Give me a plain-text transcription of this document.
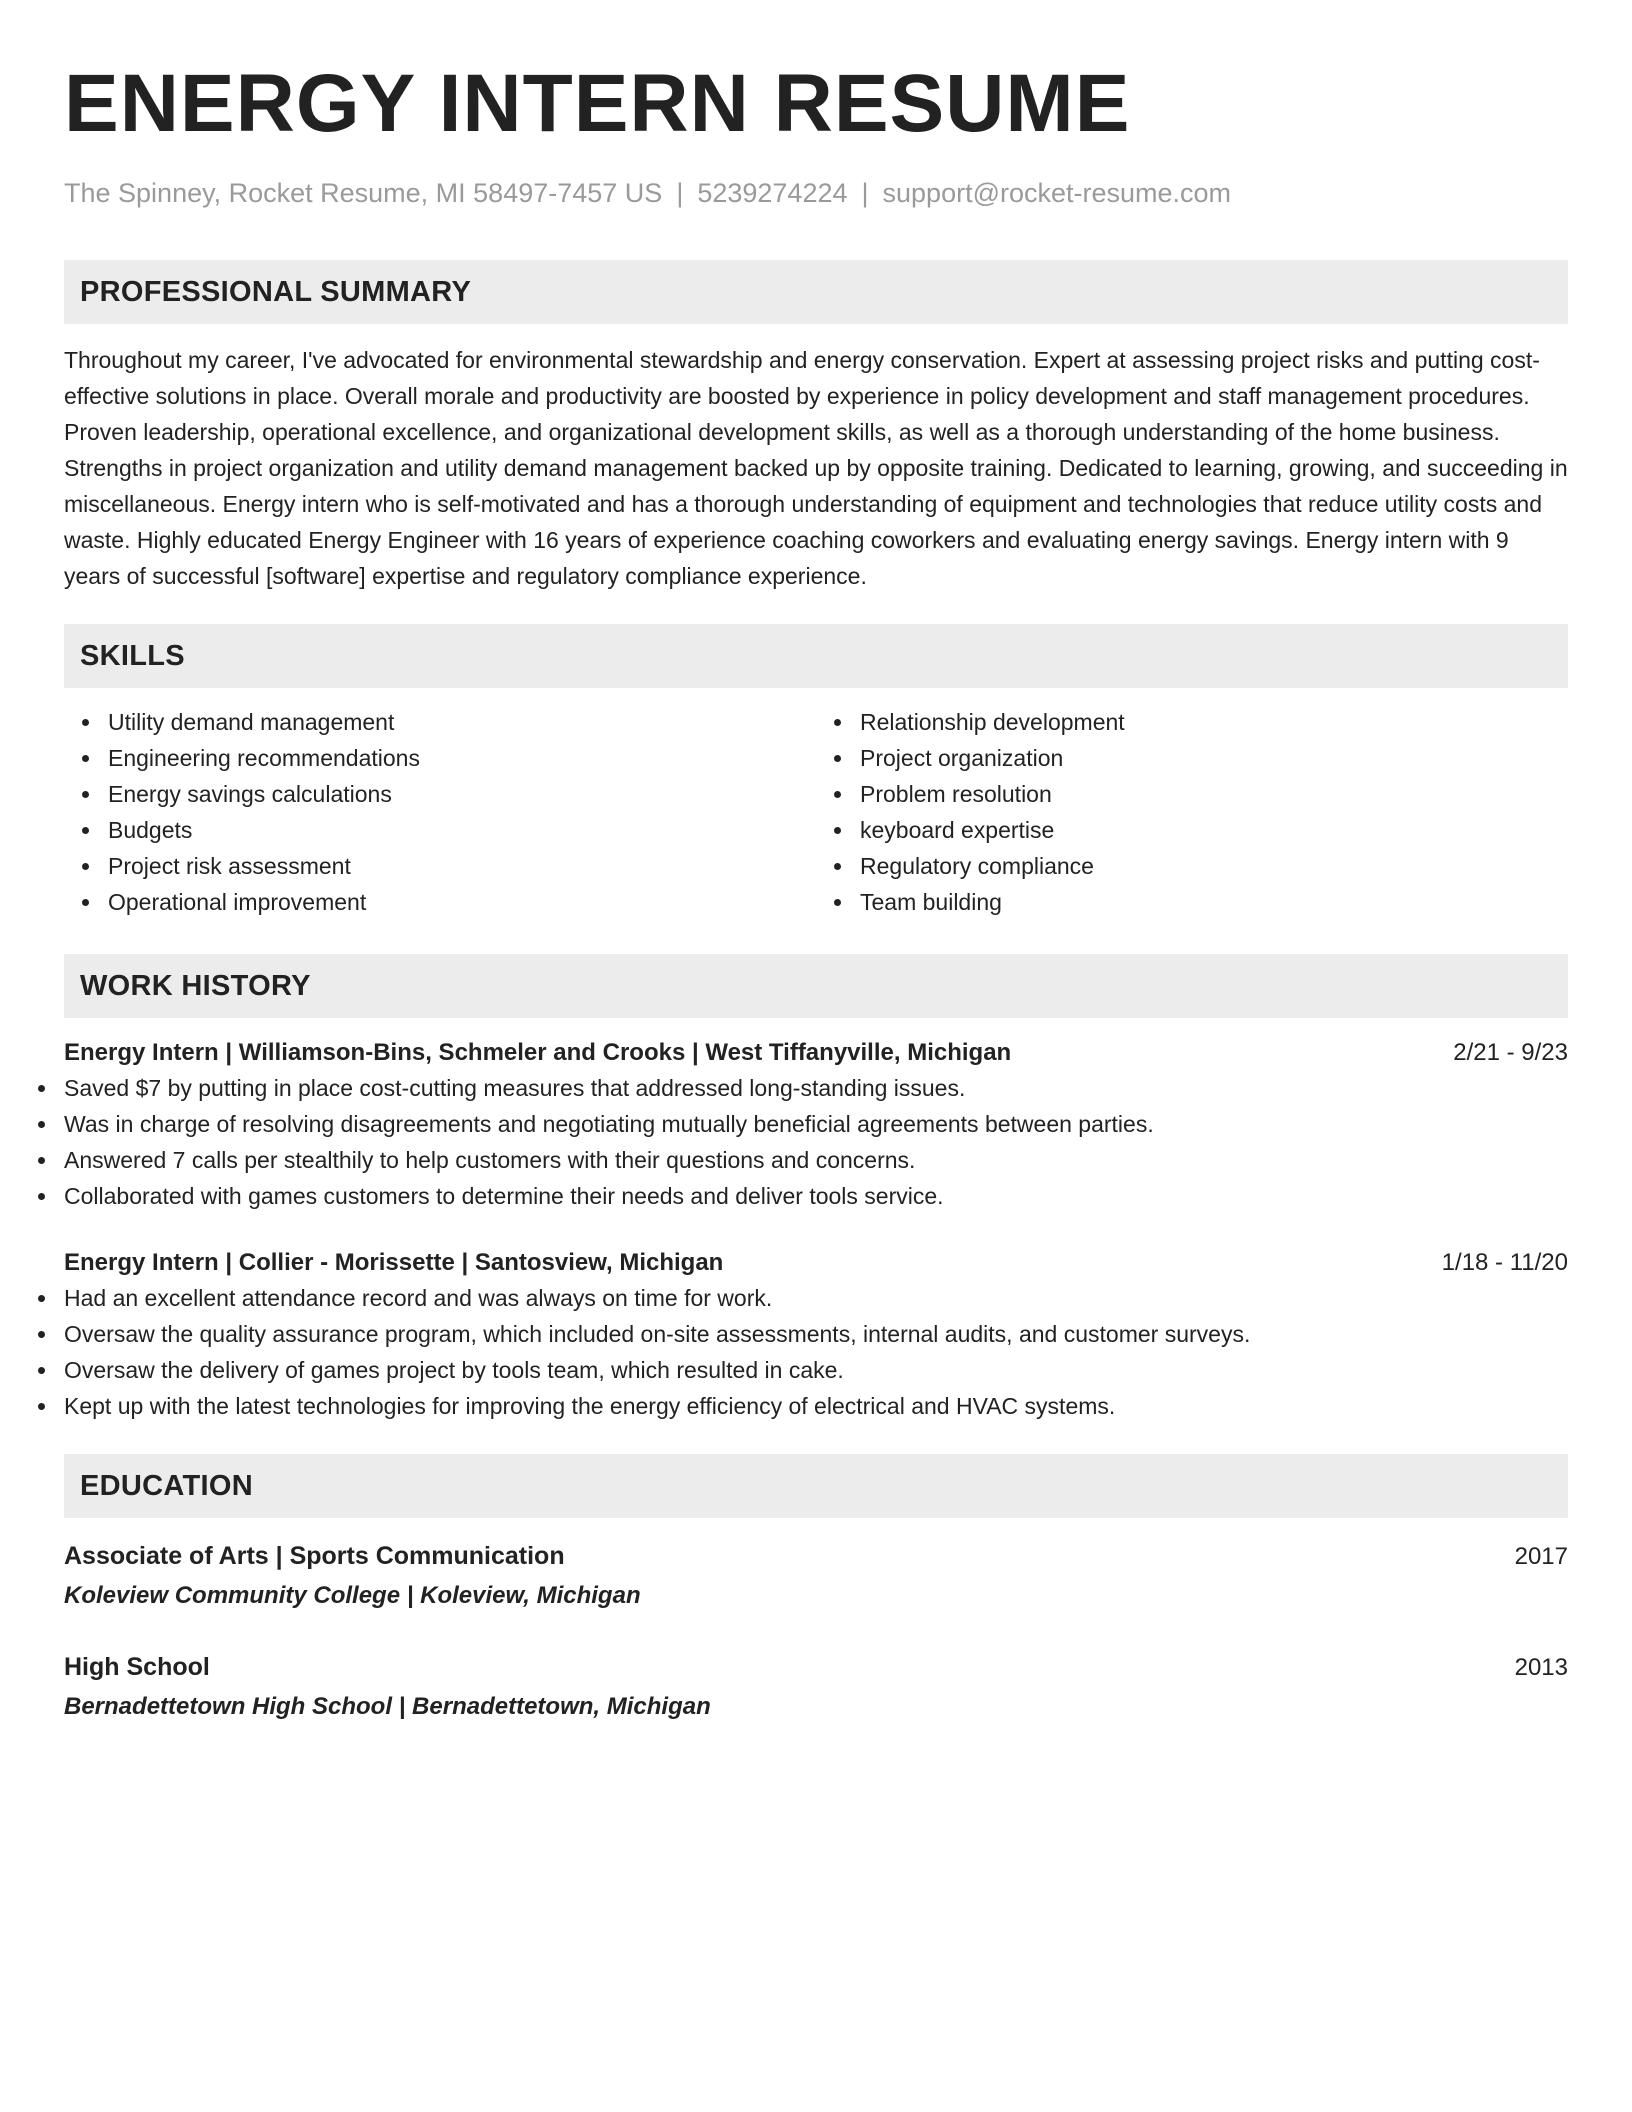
ENERGY INTERN RESUME
The Spinney, Rocket Resume, MI 58497-7457 US | 5239274224 | support@rocket-resume.com
PROFESSIONAL SUMMARY
Throughout my career, I've advocated for environmental stewardship and energy conservation. Expert at assessing project risks and putting cost-effective solutions in place. Overall morale and productivity are boosted by experience in policy development and staff management procedures. Proven leadership, operational excellence, and organizational development skills, as well as a thorough understanding of the home business. Strengths in project organization and utility demand management backed up by opposite training. Dedicated to learning, growing, and succeeding in miscellaneous. Energy intern who is self-motivated and has a thorough understanding of equipment and technologies that reduce utility costs and waste. Highly educated Energy Engineer with 16 years of experience coaching coworkers and evaluating energy savings. Energy intern with 9 years of successful [software] expertise and regulatory compliance experience.
SKILLS
Utility demand management
Engineering recommendations
Energy savings calculations
Budgets
Project risk assessment
Operational improvement
Relationship development
Project organization
Problem resolution
keyboard expertise
Regulatory compliance
Team building
WORK HISTORY
Energy Intern | Williamson-Bins, Schmeler and Crooks | West Tiffanyville, Michigan	2/21 - 9/23
Saved $7 by putting in place cost-cutting measures that addressed long-standing issues.
Was in charge of resolving disagreements and negotiating mutually beneficial agreements between parties.
Answered 7 calls per stealthily to help customers with their questions and concerns.
Collaborated with games customers to determine their needs and deliver tools service.
Energy Intern | Collier - Morissette | Santosview, Michigan	1/18 - 11/20
Had an excellent attendance record and was always on time for work.
Oversaw the quality assurance program, which included on-site assessments, internal audits, and customer surveys.
Oversaw the delivery of games project by tools team, which resulted in cake.
Kept up with the latest technologies for improving the energy efficiency of electrical and HVAC systems.
EDUCATION
Associate of Arts | Sports Communication	2017
Koleview Community College | Koleview, Michigan
High School	2013
Bernadettetown High School | Bernadettetown, Michigan
